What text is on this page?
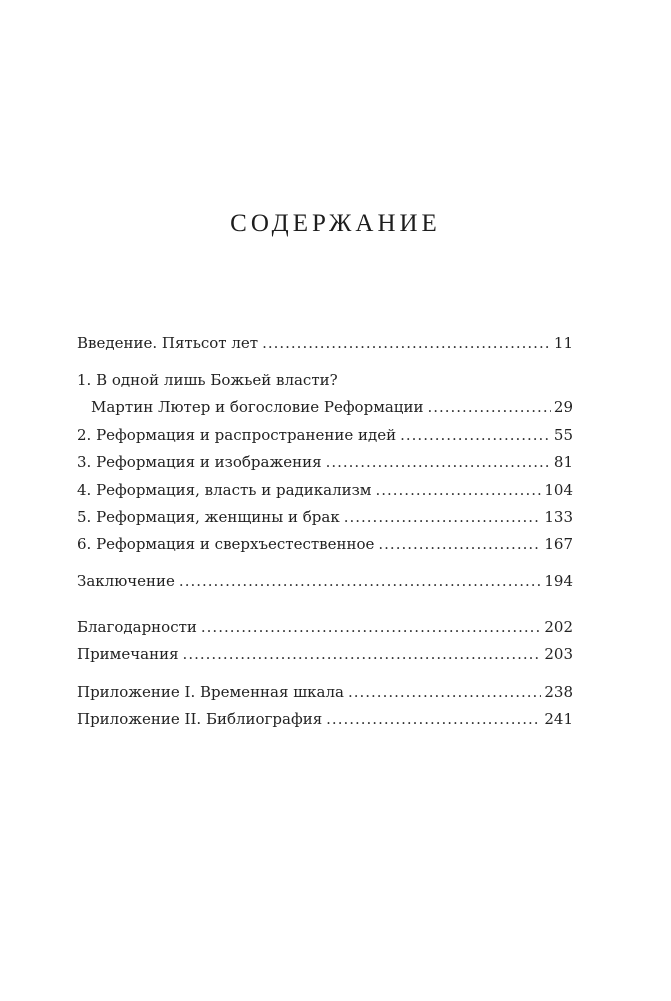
СОДЕРЖАНИЕ
Введение. Пятьсот лет .....	11
1. В одной лишь Божьей власти?
Мартин Лютер и богословие Реформации .....	29
2. Реформация и распространение идей .....	55
3. Реформация и изображения .....	81
4. Реформация, власть и радикализм .....	104
5. Реформация, женщины и брак .....	133
6. Реформация и сверхъестественное .....	167
Заключение .....	194
Благодарности .....	202
Примечания .....	203
Приложение I. Временная шкала .....	238
Приложение II. Библиография .....	241
